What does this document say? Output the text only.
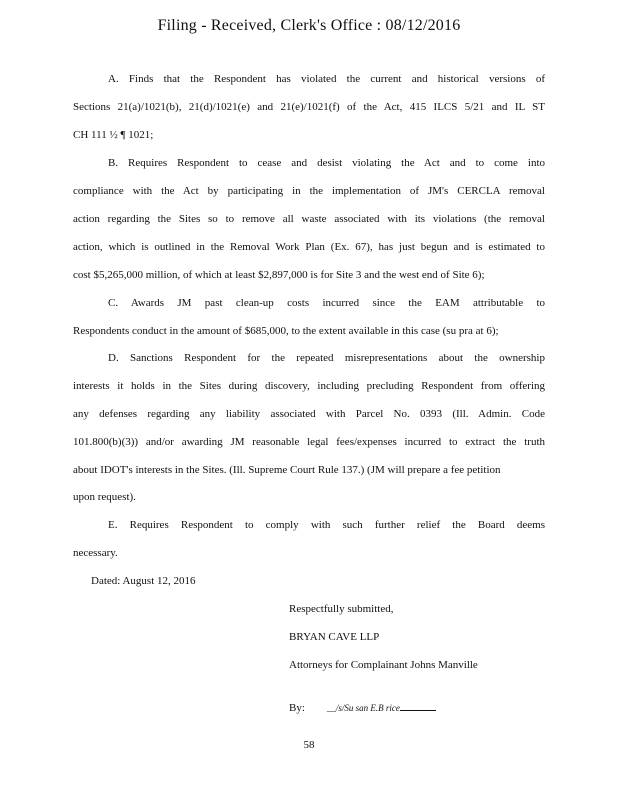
Filing - Received, Clerk's Office : 08/12/2016
A. Finds that the Respondent has violated the current and historical versions of
Sections 21(a)/1021(b), 21(d)/1021(e) and 21(e)/1021(f) of the Act, 415 ILCS 5/21 and IL ST
CH 111 ½ ¶ 1021;
B. Requires Respondent to cease and desist violating the Act and to come into
compliance with the Act by participating in the implementation of JM's CERCLA removal
action regarding the Sites so to remove all waste associated with its violations (the removal
action, which is outlined in the Removal Work Plan (Ex. 67), has just begun and is estimated to
cost $5,265,000 million, of which at least $2,897,000 is for Site 3 and the west end of Site 6);
C. Awards JM past clean-up costs incurred since the EAM attributable to
Respondents conduct in the amount of $685,000, to the extent available in this case (su pra at 6);
D. Sanctions Respondent for the repeated misrepresentations about the ownership
interests it holds in the Sites during discovery, including precluding Respondent from offering
any defenses regarding any liability associated with Parcel No. 0393 (Ill. Admin. Code
101.800(b)(3)) and/or awarding JM reasonable legal fees/expenses incurred to extract the truth
about IDOT's interests in the Sites. (Ill. Supreme Court Rule 137.) (JM will prepare a fee petition
upon request).
E. Requires Respondent to comply with such further relief the Board deems
necessary.
Dated: August 12, 2016
Respectfully submitted,
BRYAN CAVE LLP
Attorneys for Complainant Johns Manville
By: __/s/Su san E.B rice
58
